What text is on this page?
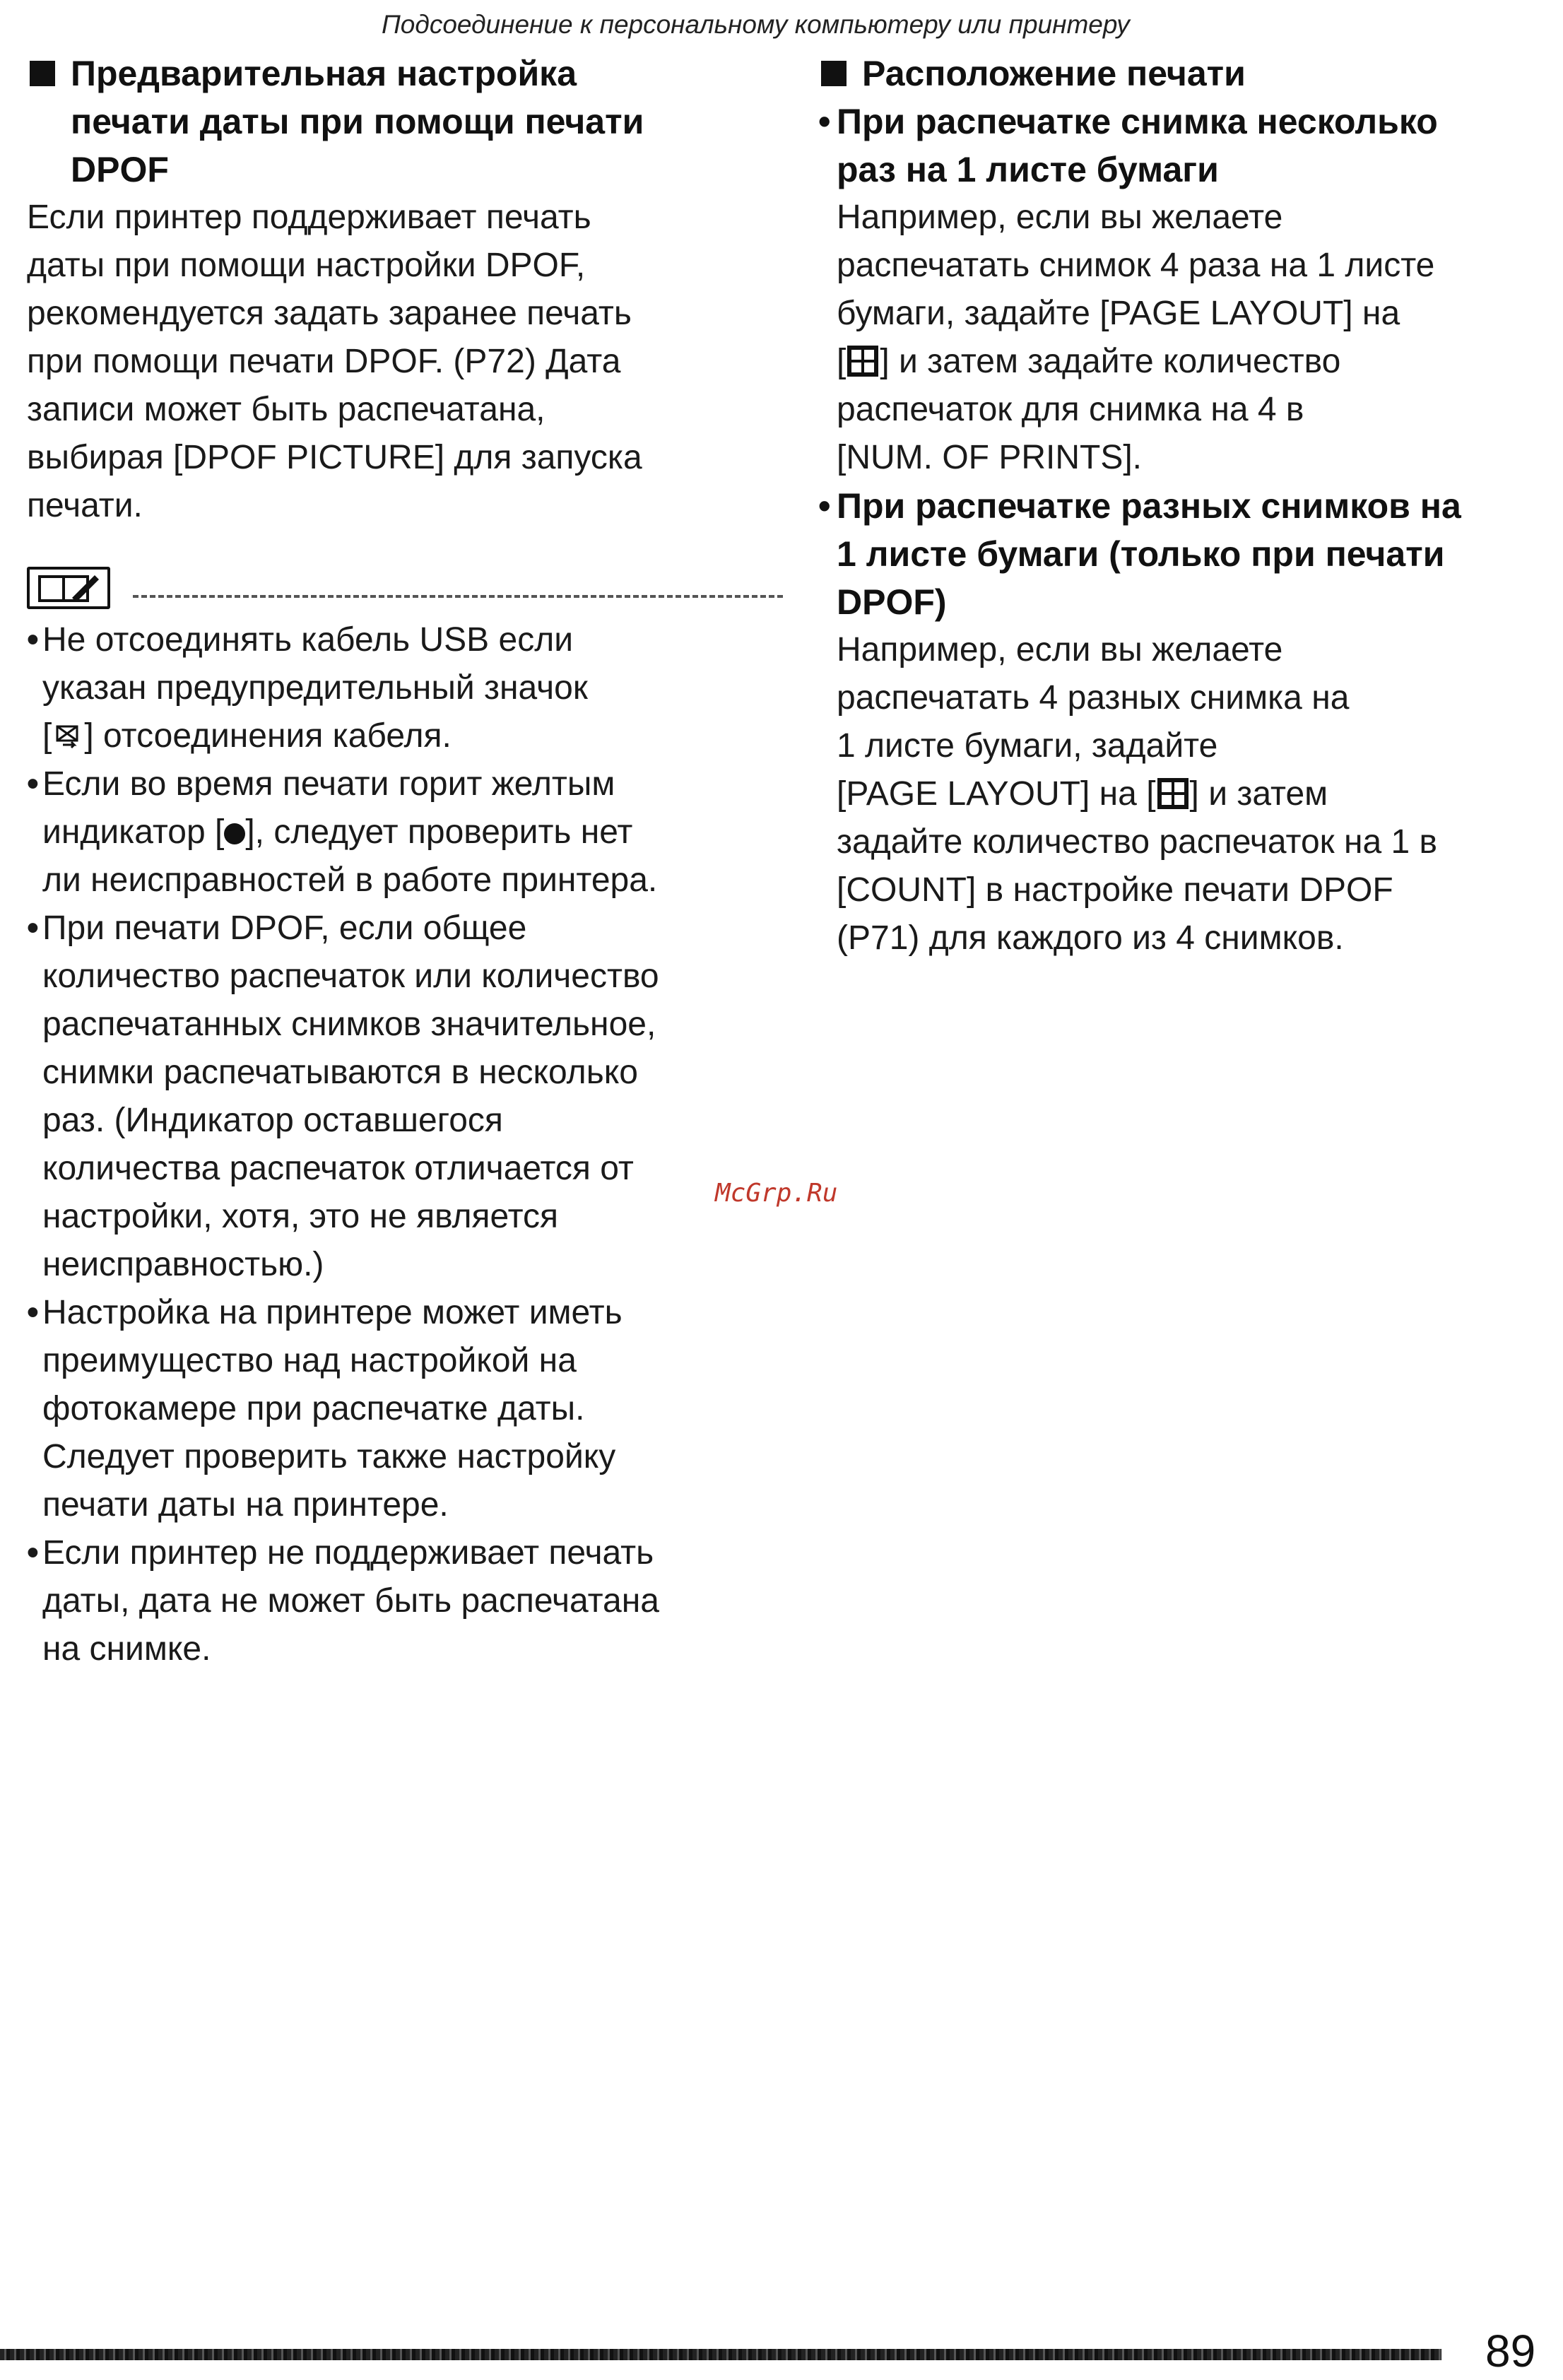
Подсоединение к персональному компьютеру или принтеру
Предварительная настройка
печати даты при помощи печати
DPOF
Если принтер поддерживает печать
даты при помощи настройки DPOF,
рекомендуется задать заранее печать
при помощи печати DPOF. (P72) Дата
записи может быть распечатана,
выбирая [DPOF PICTURE] для запуска
печати.
• Не отсоединять кабель USB если
указан предупредительный значок
[ ] отсоединения кабеля.
• Если во время печати горит желтым
индикатор [ ], следует проверить нет
ли неисправностей в работе принтера.
• При печати DPOF, если общее
количество распечаток или количество
распечатанных снимков значительное,
снимки распечатываются в несколько
раз. (Индикатор оставшегося
количества распечаток отличается от
настройки, хотя, это не является
неисправностью.)
• Настройка на принтере может иметь
преимущество над настройкой на
фотокамере при распечатке даты.
Следует проверить также настройку
печати даты на принтере.
• Если принтер не поддерживает печать
даты, дата не может быть распечатана
на снимке.
Расположение печати
• При распечатке снимка несколько
раз на 1 листе бумаги
Например, если вы желаете
распечатать снимок 4 раза на 1 листе
бумаги, задайте [PAGE LAYOUT] на
[ ] и затем задайте количество
распечаток для снимка на 4 в
[NUM. OF PRINTS].
• При распечатке разных снимков на
1 листе бумаги (только при печати
DPOF)
Например, если вы желаете
распечатать 4 разных снимка на
1 листе бумаги, задайте
[PAGE LAYOUT] на [ ] и затем
задайте количество распечаток на 1 в
[COUNT] в настройке печати DPOF
(P71) для каждого из 4 снимков.
McGrp.Ru
89
